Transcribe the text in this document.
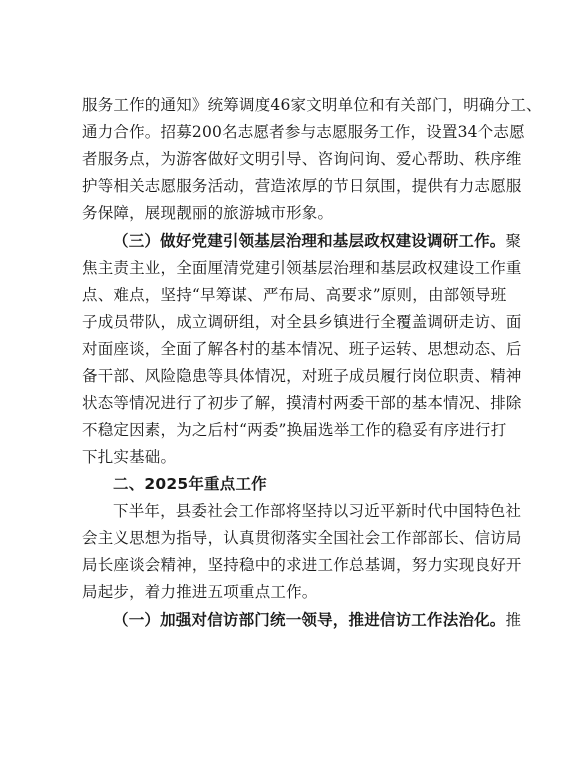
服务工作的通知》统筹调度46家文明单位和有关部门，明确分工、
通力合作。招募200名志愿者参与志愿服务工作，设置34个志愿
者服务点，为游客做好文明引导、咨询问询、爱心帮助、秩序维
护等相关志愿服务活动，营造浓厚的节日氛围，提供有力志愿服
务保障，展现靓丽的旅游城市形象。
（三）做好党建引领基层治理和基层政权建设调研工作。聚
焦主责主业，全面厘清党建引领基层治理和基层政权建设工作重
点、难点，坚持“早筹谋、严布局、高要求”原则，由部领导班
子成员带队，成立调研组，对全县乡镇进行全覆盖调研走访、面
对面座谈，全面了解各村的基本情况、班子运转、思想动态、后
备干部、风险隐患等具体情况，对班子成员履行岗位职责、精神
状态等情况进行了初步了解，摸清村两委干部的基本情况、排除
不稳定因素，为之后村“两委”换届选举工作的稳妥有序进行打
下扎实基础。
二、2025年重点工作
下半年，县委社会工作部将坚持以习近平新时代中国特色社
会主义思想为指导，认真贯彻落实全国社会工作部部长、信访局
局长座谈会精神，坚持稳中的求进工作总基调，努力实现良好开
局起步，着力推进五项重点工作。
（一）加强对信访部门统一领导，推进信访工作法治化。推
